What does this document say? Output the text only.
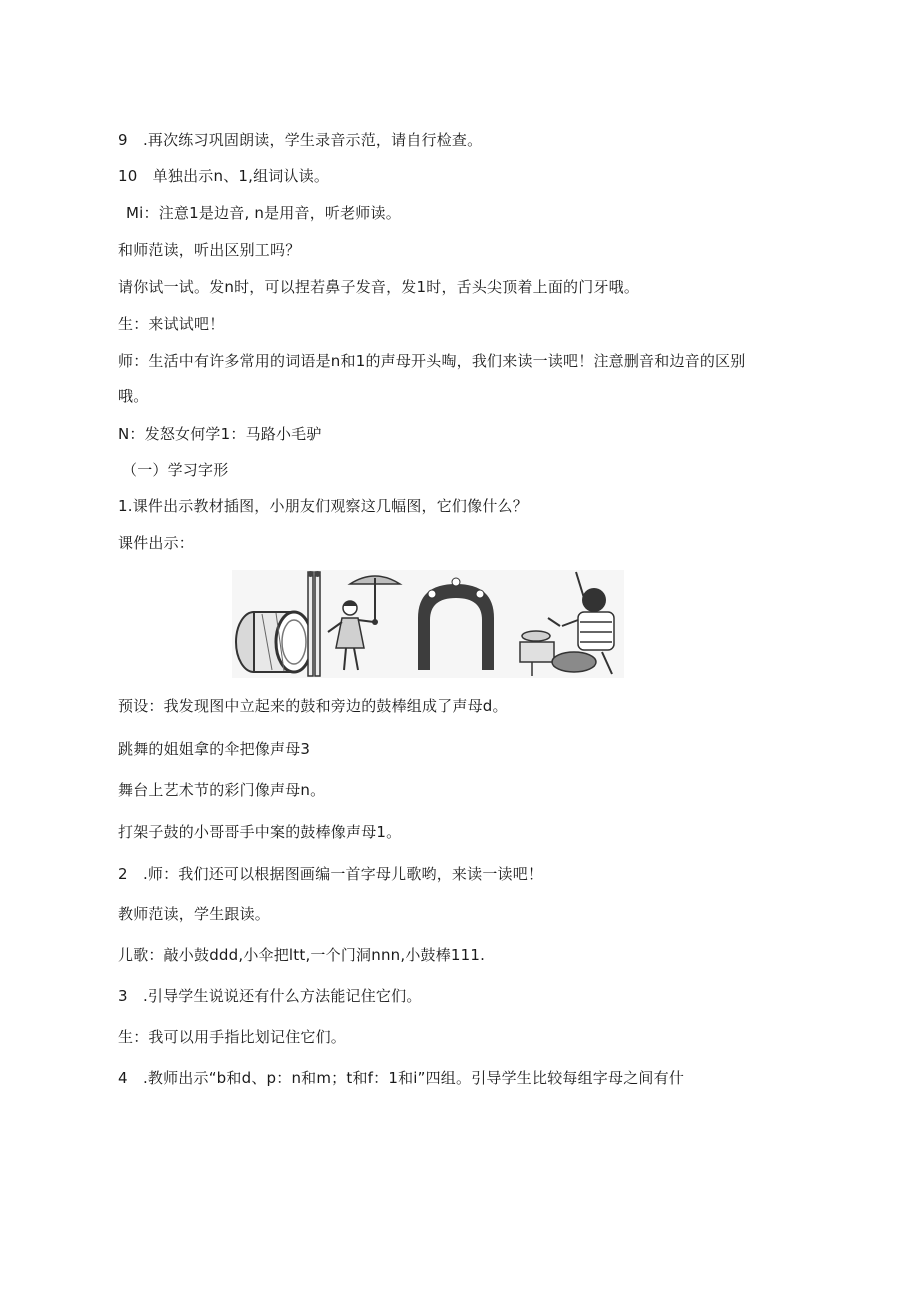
9　.再次练习巩固朗读，学生录音示范，请自行检查。
10　单独出示n、1,组词认读。
Mi：注意1是边音, n是用音，听老师读。
和师范读，听出区别工吗？
请你试一试。发n时，可以捏若鼻子发音，发1时，舌头尖顶着上面的门牙哦。
生：来试试吧！
师：生活中有许多常用的词语是n和1的声母开头啕，我们来读一读吧！注意删音和边音的区别
哦。
N：发怒女何学1：马路小毛驴
（一）学习字形
1.课件出示教材插图，小朋友们观察这几幅图，它们像什么？
课件出示：
预设：我发现图中立起来的鼓和旁边的鼓棒组成了声母d。
跳舞的姐姐拿的伞把像声母3
舞台上艺术节的彩门像声母n。
打架子鼓的小哥哥手中案的鼓棒像声母1。
2　.师：我们还可以根据图画编一首字母儿歌哟，来读一读吧！
教师范读，学生跟读。
儿歌：敲小鼓ddd,小伞把ltt,一个门洞nnn,小鼓棒111.
3　.引导学生说说还有什么方法能记住它们。
生：我可以用手指比划记住它们。
4　.教师出示“b和d、p：n和m；t和f：1和i”四组。引导学生比较每组字母之间有什
